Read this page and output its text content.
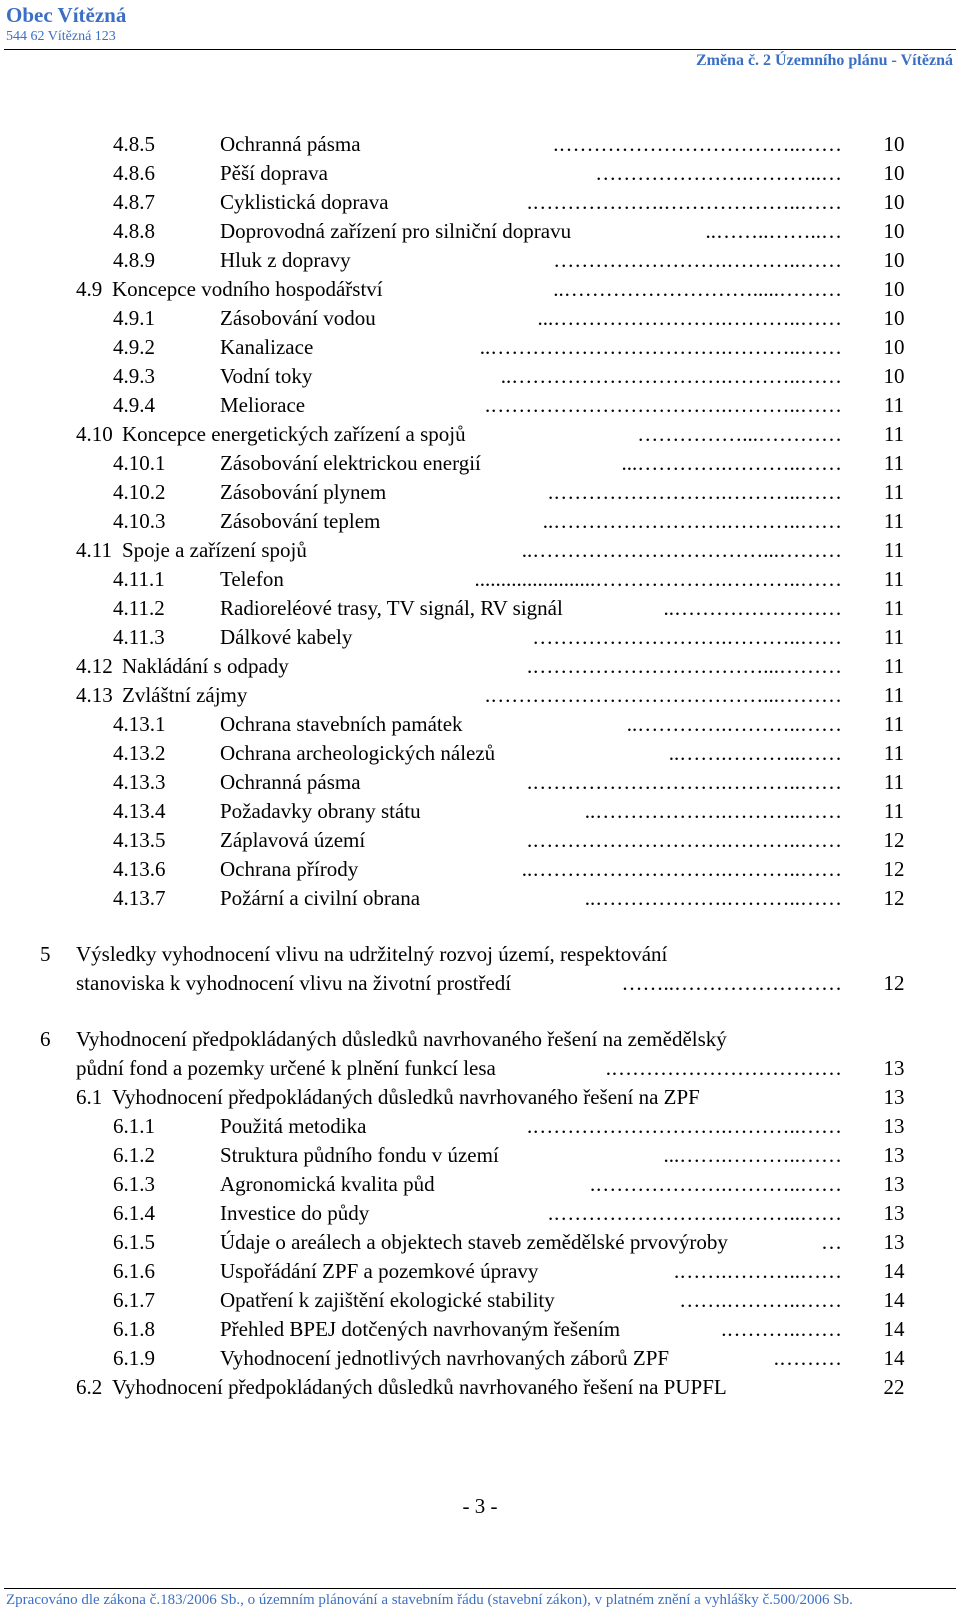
Obec Vítězná
544 62 Vítězná 123
Změna č. 2 Územního plánu - Vítězná
4.8.5	Ochranná pásma	……..…………………………….	10
4.8.6	Pěší doprava	…..……….…………………	10
4.8.7	Cyklistická doprava	……..……………….……………….	10
4.8.8	Doprovodná zařízení pro silniční dopravu	…..……..……..	10
4.8.9	Hluk z dopravy	……..……….……………………	10
4.9 Koncepce vodního hospodářství	……….....………………………..	10
4.9.1	Zásobování vodou	……..……….……………………...	10
4.9.2	Kanalizace	……..……….……………………………..	10
4.9.3	Vodní toky	……..……….…………………………..	10
4.9.4	Meliorace	……..……….…………………………….	11
4.10 Koncepce energetických zařízení a spojů	…………...……………	11
4.10.1	Zásobování elektrickou energií	……..……….…………...	11
4.10.2	Zásobování plynem	……..……….…………………….	11
4.10.3	Zásobování teplem	……..……….……………………..	11
4.11 Spoje a zařízení spojů	………...……………………………..	11
4.11.1	Telefon	……..……….……………….......................	11
4.11.2	Radioreléové trasy, TV signál, RV signál	……………………..	11
4.11.3	Dálkové kabely	……..……….………………………	11
4.12 Nakládání s odpady	………...…………………………….	11
4.13 Zvláštní zájmy	………...………………………………….	11
4.13.1	Ochrana stavebních památek	……..……….…………..	11
4.13.2	Ochrana archeologických nálezů	……..……….……..	11
4.13.3	Ochranná pásma	……..……….……………………….	11
4.13.4	Požadavky obrany státu	……..……….………………..	11
4.13.5	Záplavová území	……..……….……………………….	12
4.13.6	Ochrana přírody	……..……….………………………..	12
4.13.7	Požární a civilní obrana	……..……….………………..	12
5 Výsledky vyhodnocení vlivu na udržitelný rozvoj území, respektování
stanoviska k vyhodnocení vlivu na životní prostředí	……………………..……	12
6 Vyhodnocení předpokládaných důsledků navrhovaného řešení na zemědělský
půdní fond a pozemky určené k plnění funkcí lesa	…………………………….	13
6.1 Vyhodnocení předpokládaných důsledků navrhovaného řešení na ZPF	13
6.1.1	Použitá metodika	……..……….……………………….	13
6.1.2	Struktura půdního fondu v území	……..……….……...	13
6.1.3	Agronomická kvalita půd	……..……….……………….	13
6.1.4	Investice do půdy	……..……….…………………….	13
6.1.5	Údaje o areálech a objektech staveb zemědělské prvovýroby	…	13
6.1.6	Uspořádání ZPF a pozemkové úpravy	……..……….…….	14
6.1.7	Opatření k zajištění ekologické stability	……..……….……	14
6.1.8	Přehled BPEJ dotčených navrhovaným řešením	……..……….	14
6.1.9	Vyhodnocení jednotlivých navrhovaných záborů ZPF	……….	14
6.2 Vyhodnocení předpokládaných důsledků navrhovaného řešení na PUPFL	22
- 3 -
Zpracováno dle zákona č.183/2006 Sb., o územním plánování a stavebním řádu (stavební zákon), v platném znění a vyhlášky č.500/2006 Sb.
